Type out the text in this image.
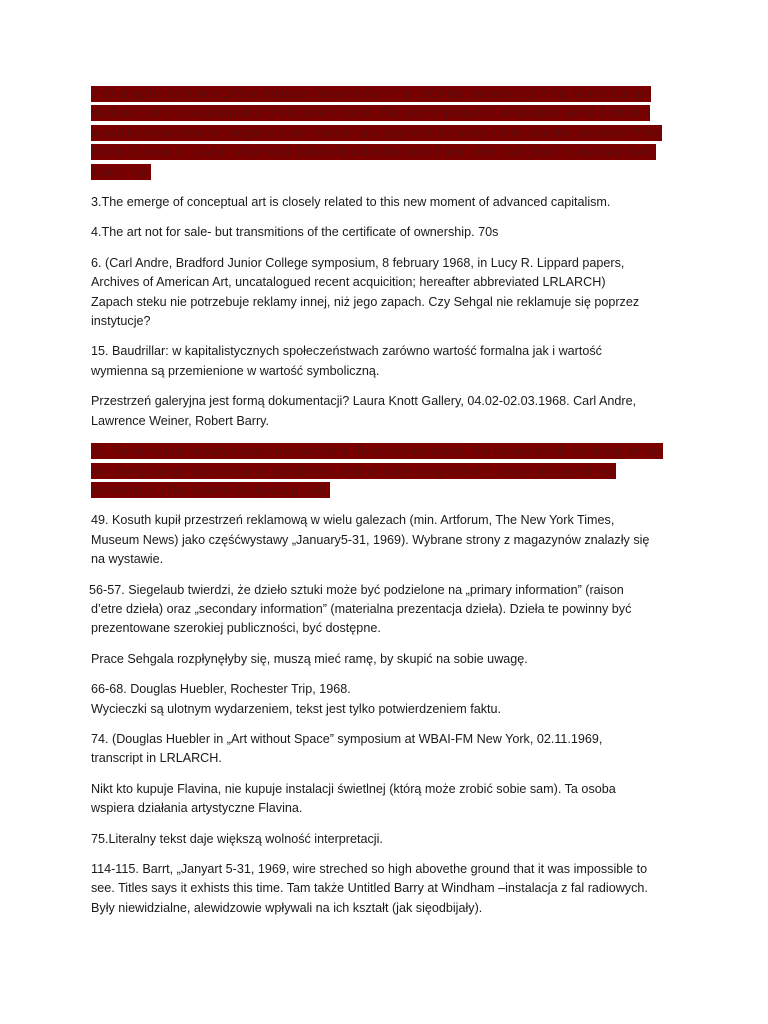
2. During the exhibition „When Attitudes Become Form” in 1969 the president of Philip Morris Europe declares: art is a counterpart to the business world. The post important is innovation, without which it would be impossible for progress to be made in any segment of society. (John Murphy, president Philip Morris Europe, in „Live in YourHead: When Attitudes Become Form”, exh. Cat (Bern: Kunsthalle Bern, 1969), n.p.

3.The emerge of conceptual art is closely related to this new moment of advanced capitalism.

4.The art not for sale- but transmitions of the certificate of ownership. 70s

6. (Carl Andre, Bradford Junior College symposium, 8 february 1968, in Lucy R. Lippard papers,
Archives of American Art, uncatalogued recent acquicition; hereafter abbreviated LRLARCH)
Zapach steku nie potrzebuje reklamy innej, niż jego zapach. Czy Sehgal nie reklamuje się poprzez
instytucje?

15. Baudrillar: w kapitalistycznych społeczeństwach zarówno wartość formalna jak i wartość
wymienna są przemienione w wartość symboliczną.

Przestrzeń galeryjna jest formą dokumentacji? Laura Knott Gallery, 04.02-02.03.1968. Carl Andre,
Lawrence Weiner, Robert Barry.

42. Reklama jest bezużyteczna i niepotrzebna. To czyste konotacje. Nie dodaje nic do produkcji ani nie ma praktycznego zastosowania przedmiotu. Jednak staje się systemem rzeczy jako przedmiot konsumpcji. (The system of objects,p.164).

49. Kosuth kupił przestrzeń reklamową w wielu galezach (min. Artforum, The New York Times,
Museum News) jako częśćwystawy „January5-31, 1969). Wybrane strony z magazynów znalazły się
na wystawie.

56-57. Siegelaub twierdzi, że dzieło sztuki może być podzielone na „primary information” (raison
d’etre dzieła) oraz „secondary information” (materialna prezentacja dzieła). Dzieła te powinny być
prezentowane szerokiej publiczności, być dostępne.

Prace Sehgala rozpłynęłyby się, muszą mieć ramę, by skupić na sobie uwagę.

66-68. Douglas Huebler, Rochester Trip, 1968.
Wycieczki są ulotnym wydarzeniem, tekst jest tylko potwierdzeniem faktu.

74. (Douglas Huebler in „Art without Space” symposium at WBAI-FM New York, 02.11.1969,
transcript in LRLARCH.

Nikt kto kupuje Flavina, nie kupuje instalacji świetlnej (którą może zrobić sobie sam). Ta osoba
wspiera działania artystyczne Flavina.

75.Literalny tekst daje większą wolność interpretacji.

114-115. Barrt, „Janyart 5-31, 1969, wire streched so high abovethe ground that it was impossible to
see. Titles says it exhists this time. Tam także Untitled Barry at Windham –instalacja z fal radiowych.
Były niewidzialne, alewidzowie wpływali na ich kształt (jak sięodbijały).
